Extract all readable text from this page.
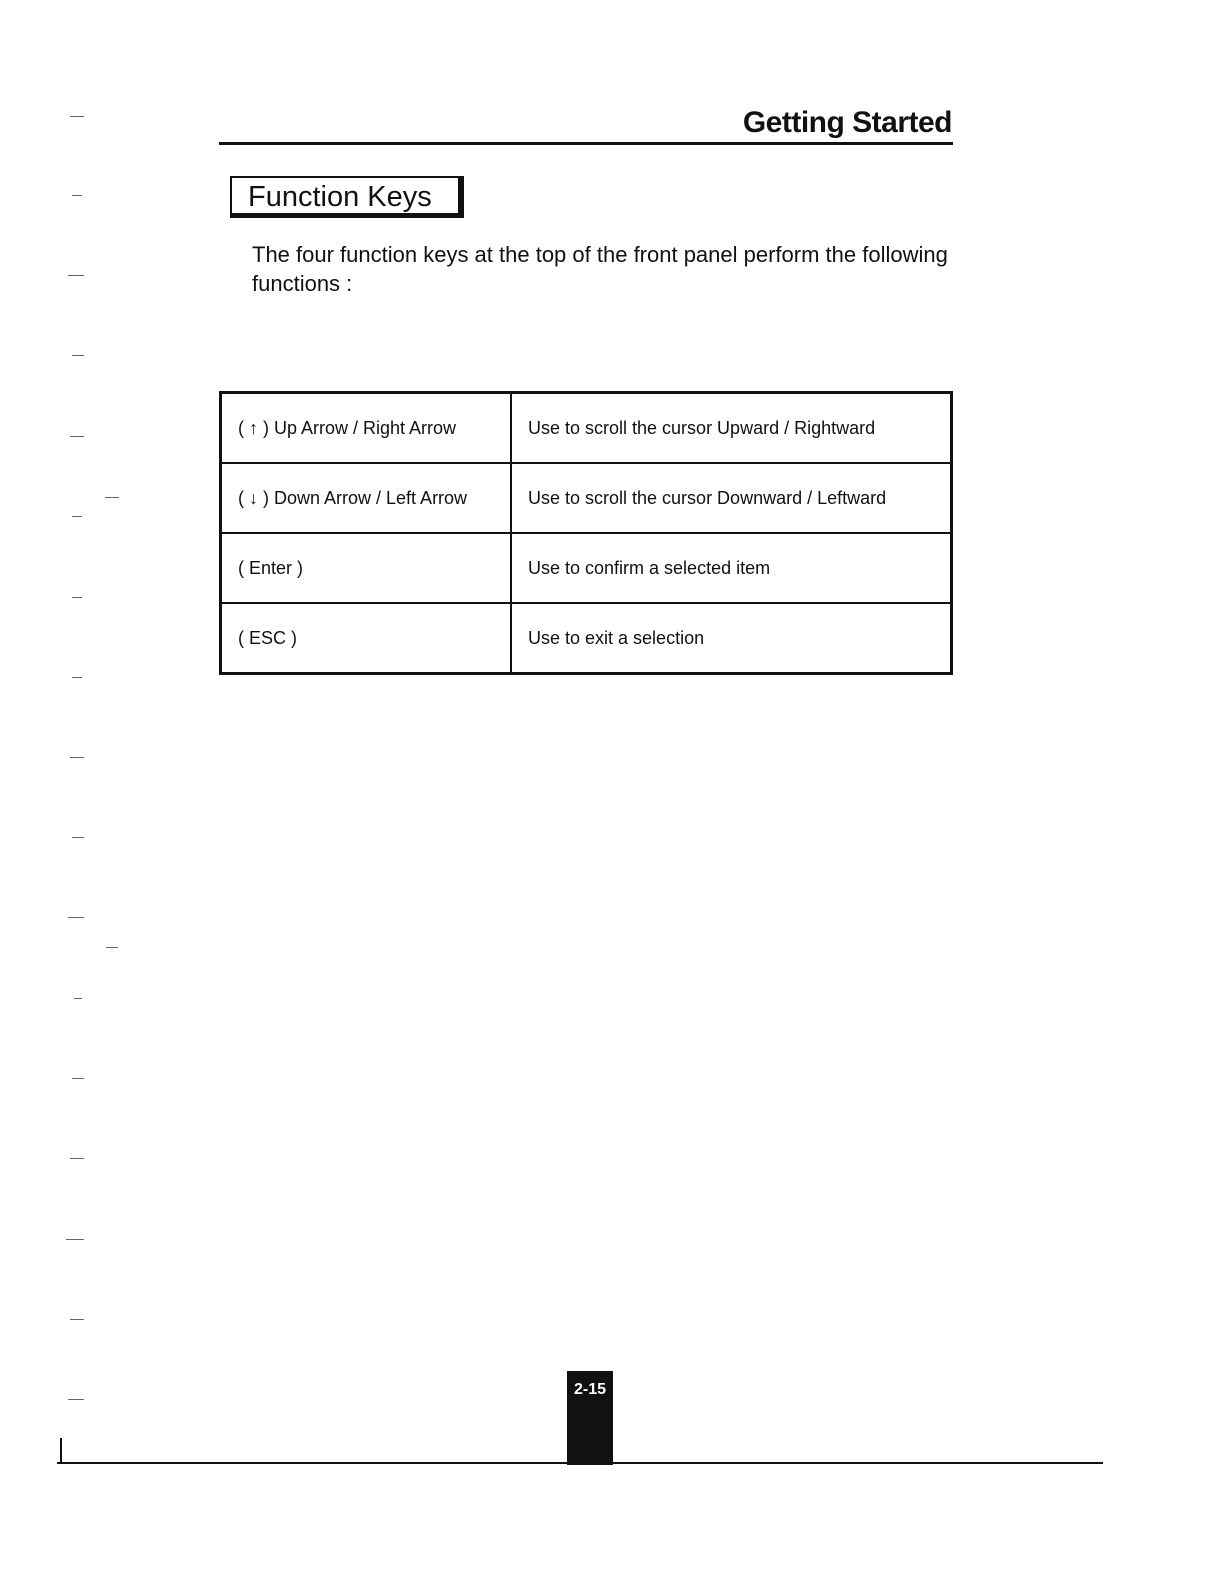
Getting Started
Function Keys

The four function keys at the top of the front panel perform the following functions :

( ↑ ) Up Arrow / Right Arrow	Use to scroll the cursor Upward / Rightward
( ↓ ) Down Arrow / Left Arrow	Use to scroll the cursor Downward / Leftward
( Enter )	Use to confirm a selected item
( ESC )	Use to exit a selection
2-15
